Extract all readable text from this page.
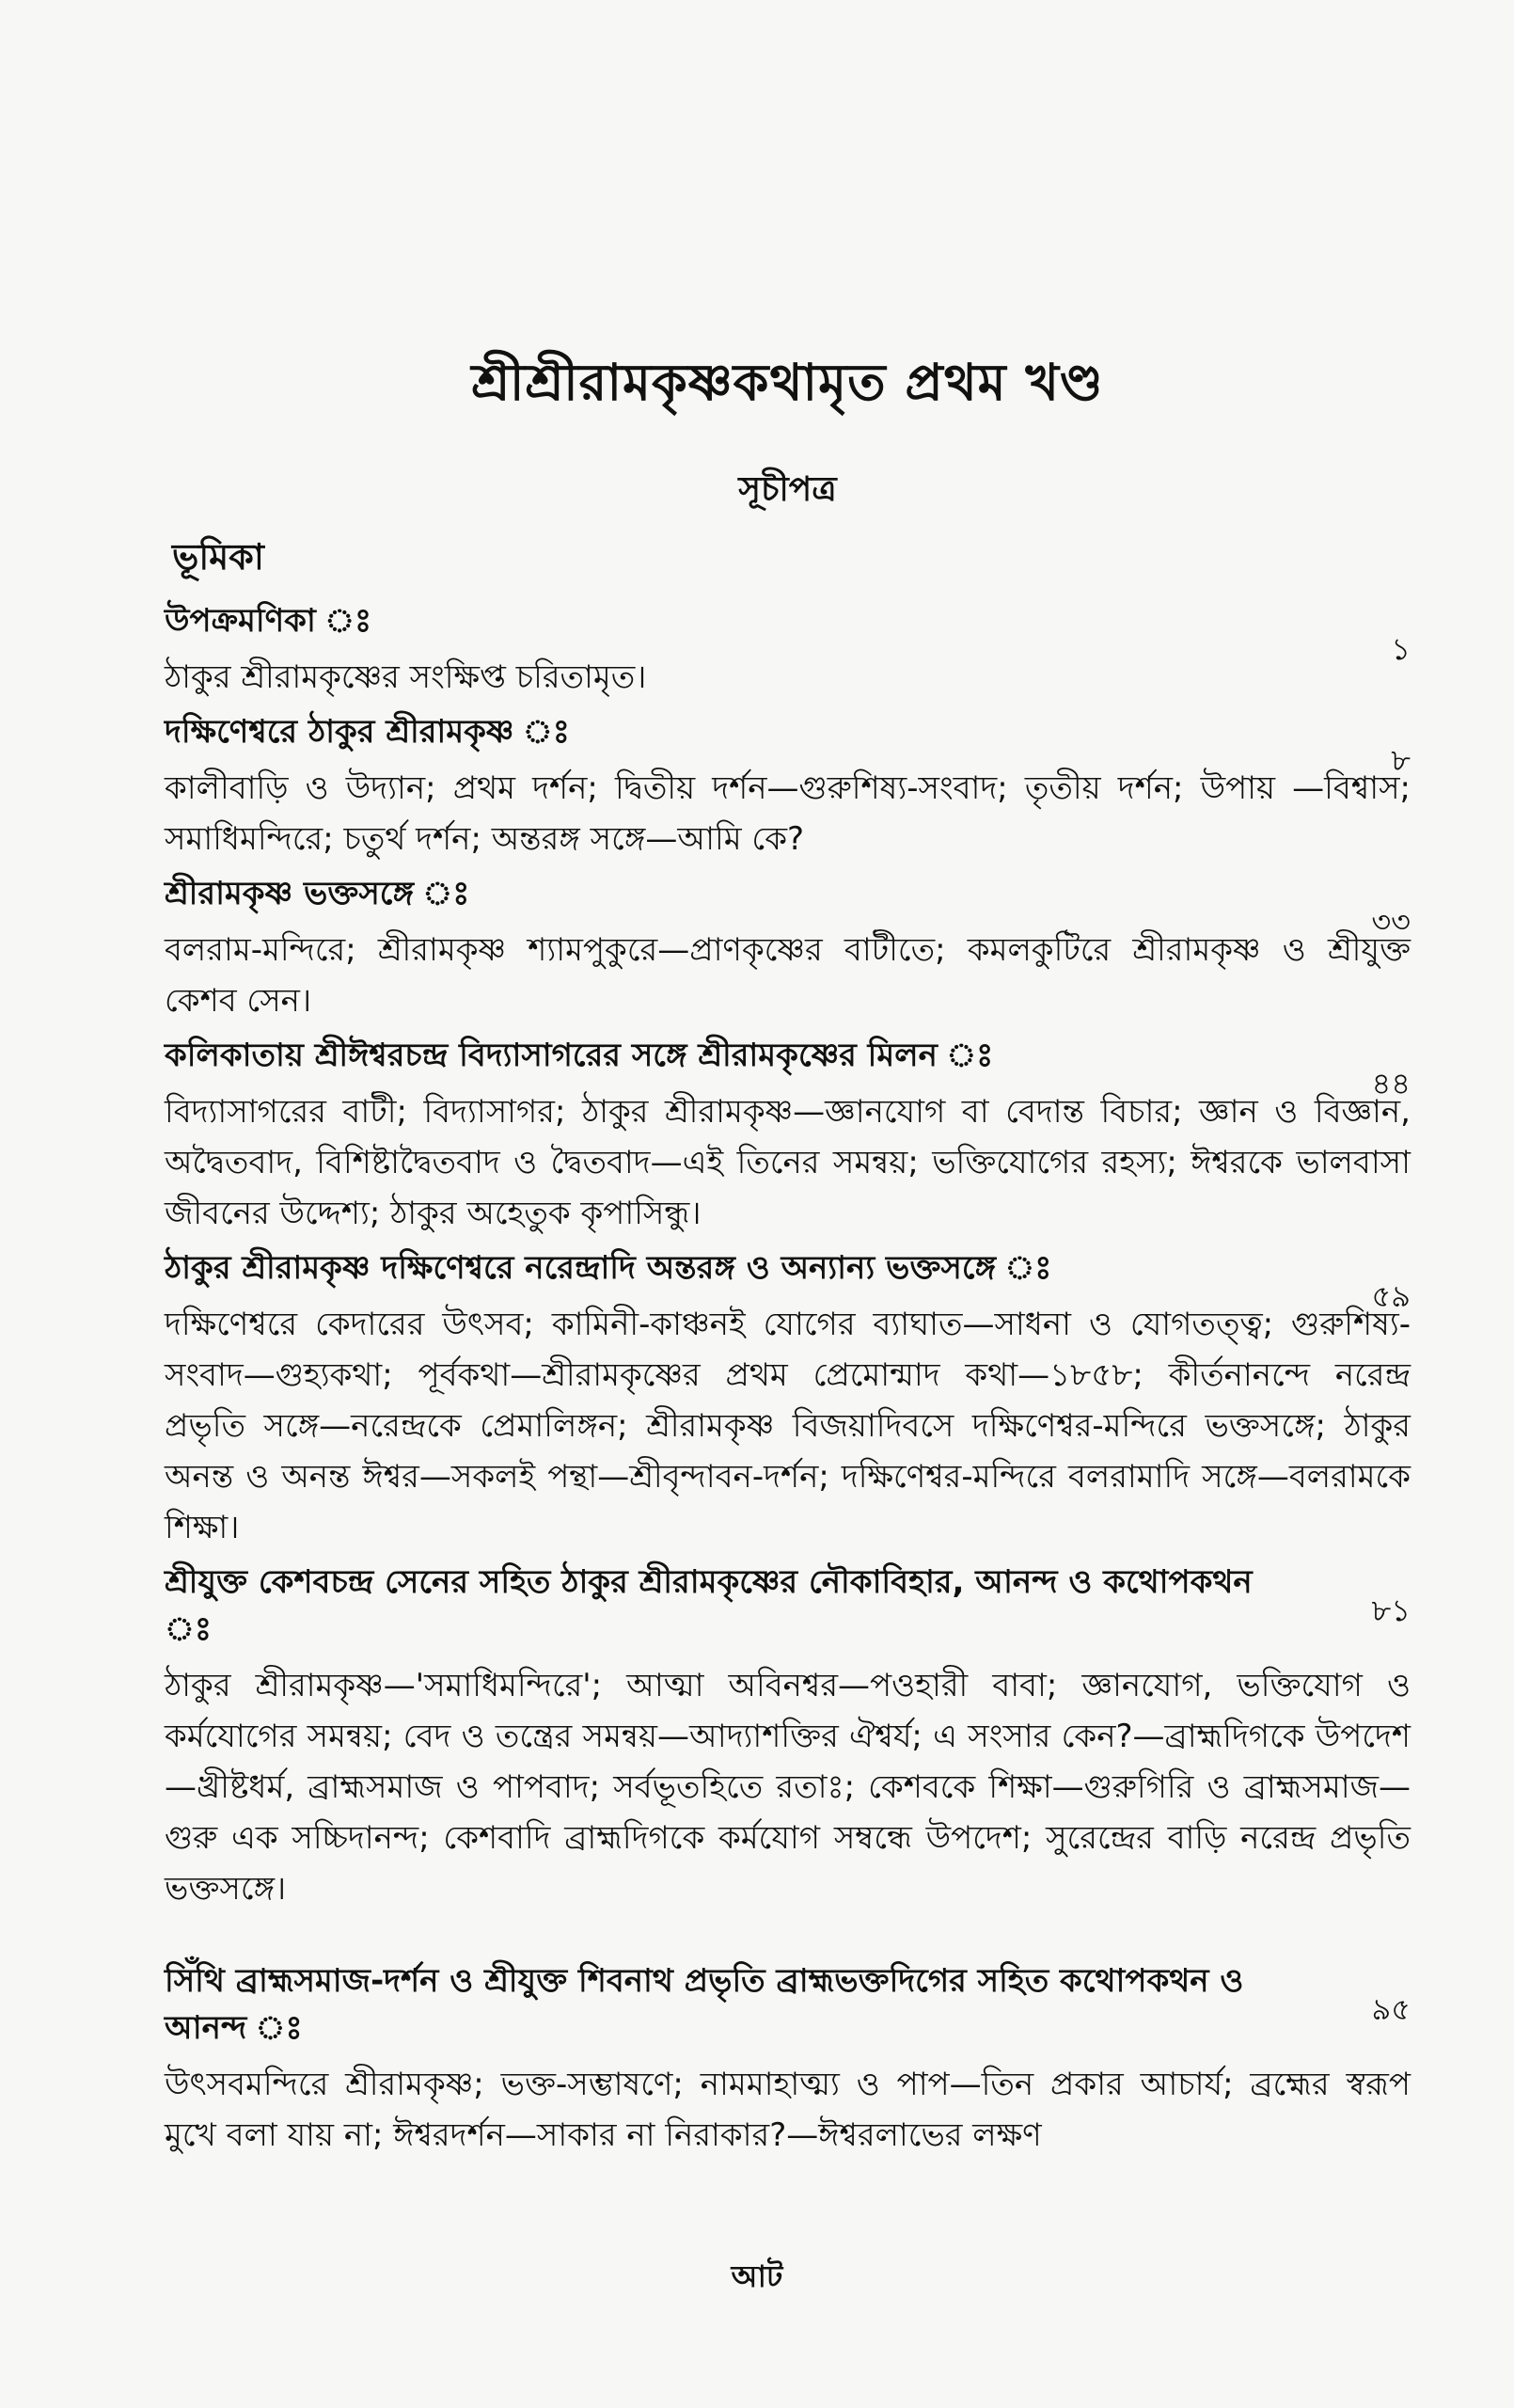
শ্রীশ্রীরামকৃষ্ণকথামৃত প্রথম খণ্ড
সূচীপত্র
ভূমিকা
উপক্রমণিকা ঃ
১
ঠাকুর শ্রীরামকৃষ্ণের সংক্ষিপ্ত চরিতামৃত।
দক্ষিণেশ্বরে ঠাকুর শ্রীরামকৃষ্ণ ঃ
৮
কালীবাড়ি ও উদ্যান; প্রথম দর্শন; দ্বিতীয় দর্শন—গুরুশিষ্য-সংবাদ; তৃতীয় দর্শন; উপায় —বিশ্বাস; সমাধিমন্দিরে; চতুর্থ দর্শন; অন্তরঙ্গ সঙ্গে—আমি কে?
শ্রীরামকৃষ্ণ ভক্তসঙ্গে ঃ
৩৩
বলরাম-মন্দিরে; শ্রীরামকৃষ্ণ শ্যামপুকুরে—প্রাণকৃষ্ণের বাটীতে; কমলকুটিরে শ্রীরামকৃষ্ণ ও শ্রীযুক্ত কেশব সেন।
কলিকাতায় শ্রীঈশ্বরচন্দ্র বিদ্যাসাগরের সঙ্গে শ্রীরামকৃষ্ণের মিলন ঃ
৪৪
বিদ্যাসাগরের বাটী; বিদ্যাসাগর; ঠাকুর শ্রীরামকৃষ্ণ—জ্ঞানযোগ বা বেদান্ত বিচার; জ্ঞান ও বিজ্ঞান, অদ্বৈতবাদ, বিশিষ্টাদ্বৈতবাদ ও দ্বৈতবাদ—এই তিনের সমন্বয়; ভক্তিযোগের রহস্য; ঈশ্বরকে ভালবাসা জীবনের উদ্দেশ্য; ঠাকুর অহেতুক কৃপাসিন্ধু।
ঠাকুর শ্রীরামকৃষ্ণ দক্ষিণেশ্বরে নরেন্দ্রাদি অন্তরঙ্গ ও অন্যান্য ভক্তসঙ্গে ঃ
৫৯
দক্ষিণেশ্বরে কেদারের উৎসব; কামিনী-কাঞ্চনই যোগের ব্যাঘাত—সাধনা ও যোগতত্ত্ব; গুরুশিষ্য-সংবাদ—গুহ্যকথা; পূর্বকথা—শ্রীরামকৃষ্ণের প্রথম প্রেমোন্মাদ কথা—১৮৫৮; কীর্তনানন্দে নরেন্দ্র প্রভৃতি সঙ্গে—নরেন্দ্রকে প্রেমালিঙ্গন; শ্রীরামকৃষ্ণ বিজয়াদিবসে দক্ষিণেশ্বর-মন্দিরে ভক্তসঙ্গে; ঠাকুর অনন্ত ও অনন্ত ঈশ্বর—সকলই পন্থা—শ্রীবৃন্দাবন-দর্শন; দক্ষিণেশ্বর-মন্দিরে বলরামাদি সঙ্গে—বলরামকে শিক্ষা।
শ্রীযুক্ত কেশবচন্দ্র সেনের সহিত ঠাকুর শ্রীরামকৃষ্ণের নৌকাবিহার, আনন্দ ও কথোপকথন ঃ	৮১
ঠাকুর শ্রীরামকৃষ্ণ—'সমাধিমন্দিরে'; আত্মা অবিনশ্বর—পওহারী বাবা; জ্ঞানযোগ, ভক্তিযোগ ও কর্মযোগের সমন্বয়; বেদ ও তন্ত্রের সমন্বয়—আদ্যাশক্তির ঐশ্বর্য; এ সংসার কেন?—ব্রাহ্মদিগকে উপদেশ—খ্রীষ্টধর্ম, ব্রাহ্মসমাজ ও পাপবাদ; সর্বভূতহিতে রতাঃ; কেশবকে শিক্ষা—গুরুগিরি ও ব্রাহ্মসমাজ—গুরু এক সচ্চিদানন্দ; কেশবাদি ব্রাহ্মদিগকে কর্মযোগ সম্বন্ধে উপদেশ; সুরেন্দ্রের বাড়ি নরেন্দ্র প্রভৃতি ভক্তসঙ্গে।
সিঁথি ব্রাহ্মসমাজ-দর্শন ও শ্রীযুক্ত শিবনাথ প্রভৃতি ব্রাহ্মভক্তদিগের সহিত কথোপকথন ও আনন্দ ঃ	৯৫
উৎসবমন্দিরে শ্রীরামকৃষ্ণ; ভক্ত-সম্ভাষণে; নামমাহাত্ম্য ও পাপ—তিন প্রকার আচার্য; ব্রহ্মের স্বরূপ মুখে বলা যায় না; ঈশ্বরদর্শন—সাকার না নিরাকার?—ঈশ্বরলাভের লক্ষণ
আট
